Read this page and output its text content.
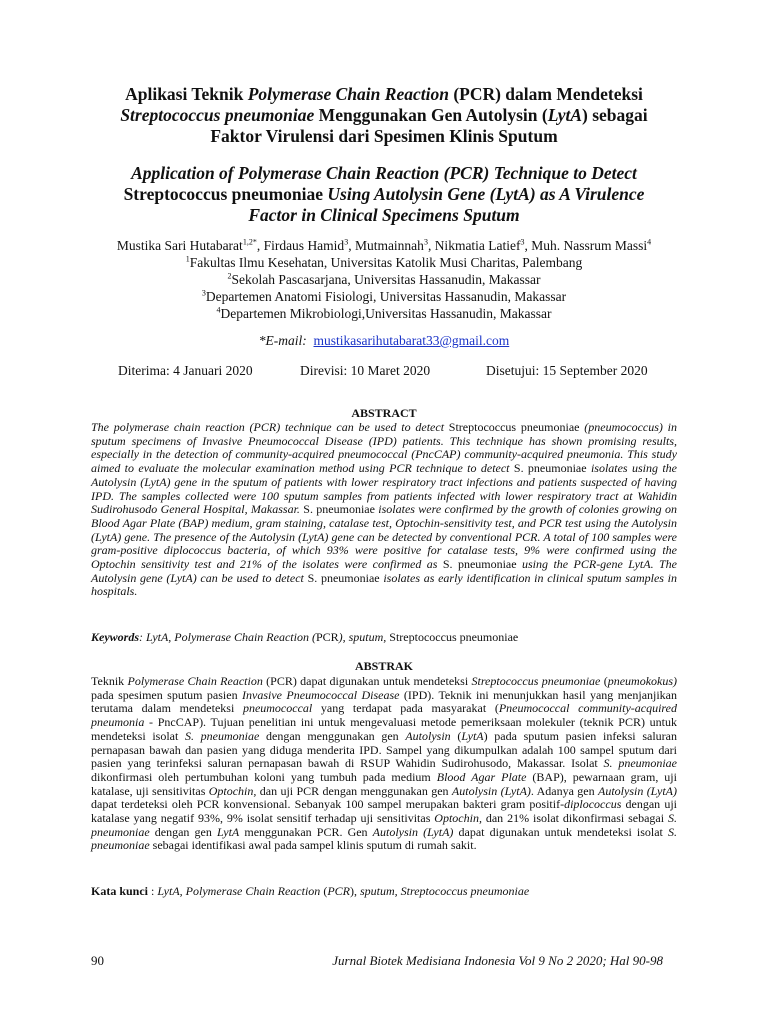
Aplikasi Teknik Polymerase Chain Reaction (PCR) dalam Mendeteksi
Streptococcus pneumoniae Menggunakan Gen Autolysin (LytA) sebagai
Faktor Virulensi dari Spesimen Klinis Sputum
Application of Polymerase Chain Reaction (PCR) Technique to Detect
Streptococcus pneumoniae Using Autolysin Gene (LytA) as A Virulence
Factor in Clinical Specimens Sputum
Mustika Sari Hutabarat$^{1,2*}$, Firdaus Hamid$^3$, Mutmainnah$^3$, Nikmatia Latief$^3$, Muh. Nassrum Massi$^4$
$^1$Fakultas Ilmu Kesehatan, Universitas Katolik Musi Charitas, Palembang
$^2$Sekolah Pascasarjana, Universitas Hassanudin, Makassar
$^3$Departemen Anatomi Fisiologi, Universitas Hassanudin, Makassar
$^4$Departemen Mikrobiologi,Universitas Hassanudin, Makassar
*E-mail: mustikasarihutabarat33@gmail.com
Diterima: 4 Januari 2020	Direvisi: 10 Maret 2020	Disetujui: 15 September 2020
ABSTRACT
The polymerase chain reaction (PCR) technique can be used to detect Streptococcus pneumoniae (pneumococcus) in sputum specimens of Invasive Pneumococcal Disease (IPD) patients. This technique has shown promising results, especially in the detection of community-acquired pneumococcal (PncCAP) community-acquired pneumonia. This study aimed to evaluate the molecular examination method using PCR technique to detect S. pneumoniae isolates using the Autolysin (LytA) gene in the sputum of patients with lower respiratory tract infections and patients suspected of having IPD. The samples collected were 100 sputum samples from patients infected with lower respiratory tract at Wahidin Sudirohusodo General Hospital, Makassar. S. pneumoniae isolates were confirmed by the growth of colonies growing on Blood Agar Plate (BAP) medium, gram staining, catalase test, Optochin-sensitivity test, and PCR test using the Autolysin (LytA) gene. The presence of the Autolysin (LytA) gene can be detected by conventional PCR. A total of 100 samples were gram-positive diplococcus bacteria, of which 93% were positive for catalase tests, 9% were confirmed using the Optochin sensitivity test and 21% of the isolates were confirmed as S. pneumoniae using the PCR-gene LytA. The Autolysin gene (LytA) can be used to detect S. pneumoniae isolates as early identification in clinical sputum samples in hospitals.
Keywords: LytA, Polymerase Chain Reaction (PCR), sputum, Streptococcus pneumoniae
ABSTRAK
Teknik Polymerase Chain Reaction (PCR) dapat digunakan untuk mendeteksi Streptococcus pneumoniae (pneumokokus) pada spesimen sputum pasien Invasive Pneumococcal Disease (IPD). Teknik ini menunjukkan hasil yang menjanjikan terutama dalam mendeteksi pneumococcal yang terdapat pada masyarakat (Pneumococcal community-acquired pneumonia - PncCAP). Tujuan penelitian ini untuk mengevaluasi metode pemeriksaan molekuler (teknik PCR) untuk mendeteksi isolat S. pneumoniae dengan menggunakan gen Autolysin (LytA) pada sputum pasien infeksi saluran pernapasan bawah dan pasien yang diduga menderita IPD. Sampel yang dikumpulkan adalah 100 sampel sputum dari pasien yang terinfeksi saluran pernapasan bawah di RSUP Wahidin Sudirohusodo, Makassar. Isolat S. pneumoniae dikonfirmasi oleh pertumbuhan koloni yang tumbuh pada medium Blood Agar Plate (BAP), pewarnaan gram, uji katalase, uji sensitivitas Optochin, dan uji PCR dengan menggunakan gen Autolysin (LytA). Adanya gen Autolysin (LytA) dapat terdeteksi oleh PCR konvensional. Sebanyak 100 sampel merupakan bakteri gram positif-diplococcus dengan uji katalase yang negatif 93%, 9% isolat sensitif terhadap uji sensitivitas Optochin, dan 21% isolat dikonfirmasi sebagai S. pneumoniae dengan gen LytA menggunakan PCR. Gen Autolysin (LytA) dapat digunakan untuk mendeteksi isolat S. pneumoniae sebagai identifikasi awal pada sampel klinis sputum di rumah sakit.
Kata kunci : LytA, Polymerase Chain Reaction (PCR), sputum, Streptococcus pneumoniae
90	Jurnal Biotek Medisiana Indonesia Vol 9 No 2 2020; Hal 90-98
